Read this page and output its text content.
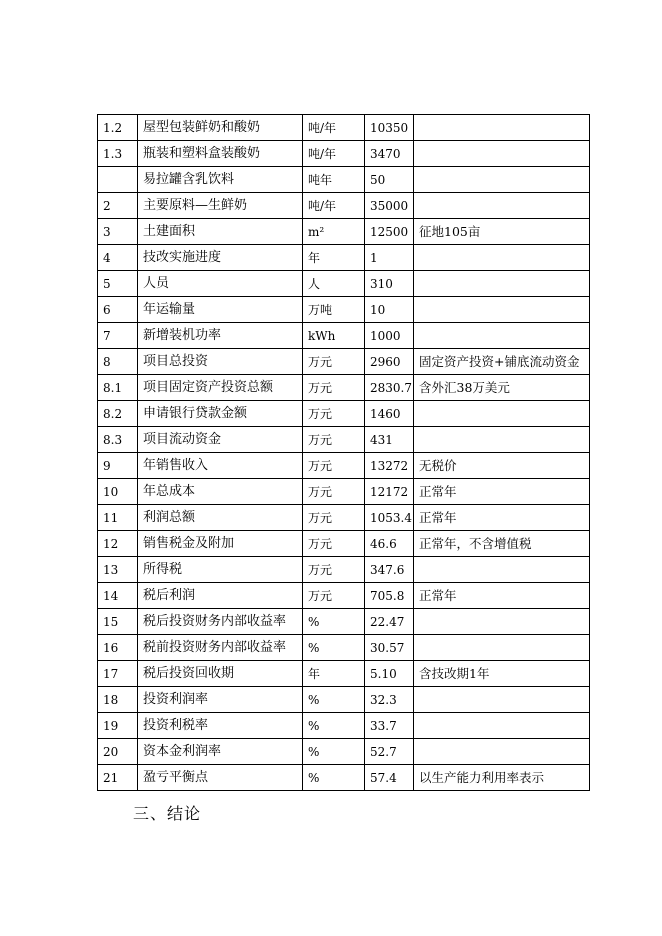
1.2	屋型包装鲜奶和酸奶	吨/年	10350	
1.3	瓶装和塑料盒装酸奶	吨/年	3470	
	易拉罐含乳饮料	吨年	50	
2	主要原料—生鲜奶	吨/年	35000	
3	土建面积	m²	12500	征地105亩
4	技改实施进度	年	1	
5	人员	人	310	
6	年运输量	万吨	10	
7	新增装机功率	kWh	1000	
8	项目总投资	万元	2960	固定资产投资+铺底流动资金
8.1	项目固定资产投资总额	万元	2830.7	含外汇38万美元
8.2	申请银行贷款金额	万元	1460	
8.3	项目流动资金	万元	431	
9	年销售收入	万元	13272	无税价
10	年总成本	万元	12172	正常年
11	利润总额	万元	1053.4	正常年
12	销售税金及附加	万元	46.6	正常年，不含增值税
13	所得税	万元	347.6	
14	税后利润	万元	705.8	正常年
15	税后投资财务内部收益率	%	22.47	
16	税前投资财务内部收益率	%	30.57	
17	税后投资回收期	年	5.10	含技改期1年
18	投资利润率	%	32.3	
19	投资利税率	%	33.7	
20	资本金利润率	%	52.7	
21	盈亏平衡点	%	57.4	以生产能力利用率表示
三、结论
